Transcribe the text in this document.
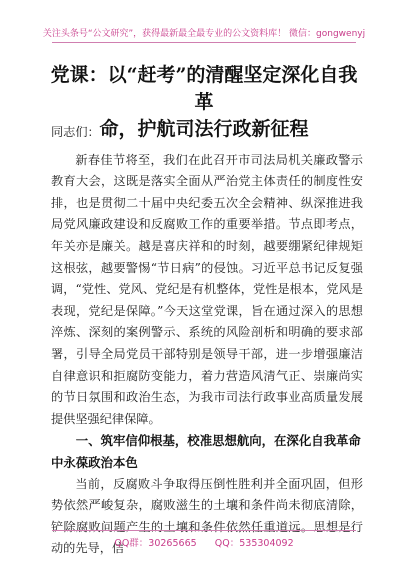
关注头条号“公文研究”，获得最新最全最专业的公文资料库！ 微信：gongwenyj
党课：以“赶考”的清醒坚定深化自我革
命，护航司法行政新征程

同志们：

新春佳节将至，我们在此召开市司法局机关廉政警示教育大会，这既是落实全面从严治党主体责任的制度性安排，也是贯彻二十届中央纪委五次全会精神、纵深推进我局党风廉政建设和反腐败工作的重要举措。节点即考点，年关亦是廉关。越是喜庆祥和的时刻，越要绷紧纪律规矩这根弦，越要警惕“节日病”的侵蚀。习近平总书记反复强调，“党性、党风、党纪是有机整体，党性是根本，党风是表现，党纪是保障。”今天这堂党课，旨在通过深入的思想淬炼、深刻的案例警示、系统的风险剖析和明确的要求部署，引导全局党员干部特别是领导干部，进一步增强廉洁自律意识和拒腐防变能力，着力营造风清气正、崇廉尚实的节日氛围和政治生态，为我市司法行政事业高质量发展提供坚强纪律保障。

一、筑牢信仰根基，校准思想航向，在深化自我革命中永葆政治本色

当前，反腐败斗争取得压倒性胜利并全面巩固，但形势依然严峻复杂，腐败滋生的土壤和条件尚未彻底清除，铲除腐败问题产生的土壤和条件依然任重道远。思想是行动的先导，信

QQ群：30265665 QQ：535304092
